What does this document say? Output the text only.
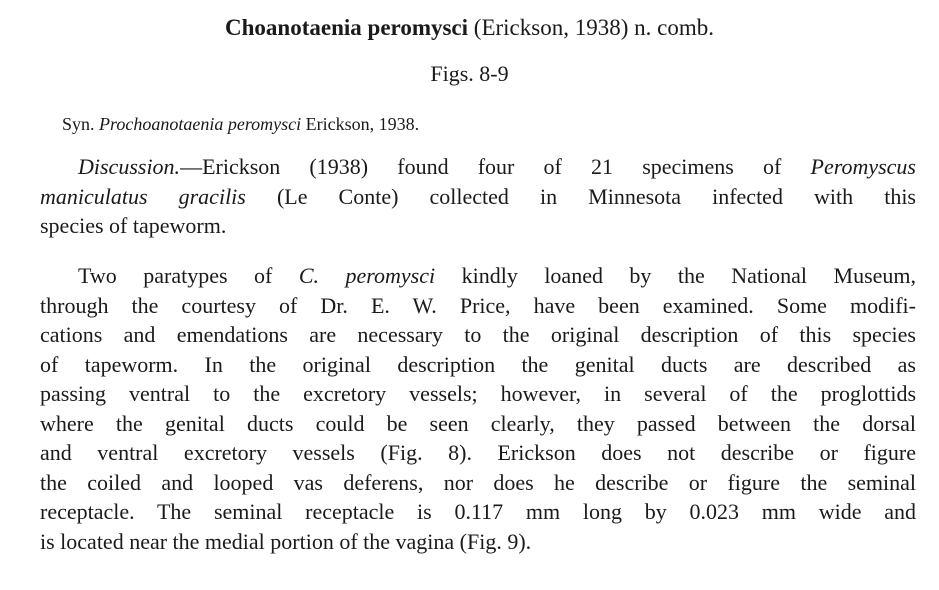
Choanotaenia peromysci (Erickson, 1938) n. comb.
Figs. 8-9
Syn. Prochoanotaenia peromysci Erickson, 1938.
Discussion.—Erickson (1938) found four of 21 specimens of Peromyscus
maniculatus gracilis (Le Conte) collected in Minnesota infected with this
species of tapeworm.
Two paratypes of C. peromysci kindly loaned by the National Museum,
through the courtesy of Dr. E. W. Price, have been examined. Some modifi-
cations and emendations are necessary to the original description of this species
of tapeworm. In the original description the genital ducts are described as
passing ventral to the excretory vessels; however, in several of the proglottids
where the genital ducts could be seen clearly, they passed between the dorsal
and ventral excretory vessels (Fig. 8). Erickson does not describe or figure
the coiled and looped vas deferens, nor does he describe or figure the seminal
receptacle. The seminal receptacle is 0.117 mm long by 0.023 mm wide and
is located near the medial portion of the vagina (Fig. 9).
